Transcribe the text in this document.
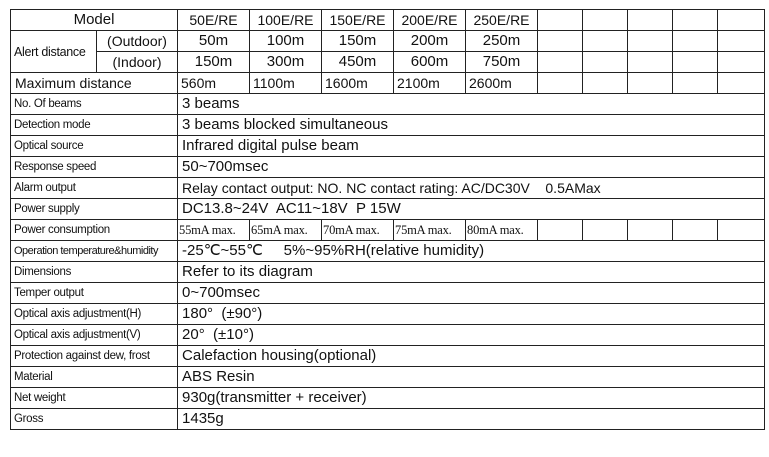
Model		50E/RE	100E/RE	150E/RE	200E/RE	250E/RE					
Alert distance	(Outdoor)	50m	100m	150m	200m	250m					
	(Indoor)	150m	300m	450m	600m	750m					
Maximum distance		560m	1100m	1600m	2100m	2600m					
No. Of beams		3 beams									
Detection mode		3 beams blocked simultaneous									
Optical source		Infrared digital pulse beam									
Response speed		50~700msec									
Alarm output		Relay contact output: NO. NC contact rating: AC/DC30V    0.5AMax									
Power supply		DC13.8~24V  AC11~18V  P 15W									
Power consumption		55mA max.	65mA max.	70mA max.	75mA max.	80mA max.					
Operation temperature&humidity		-25℃~55℃     5%~95%RH(relative humidity)									
Dimensions		Refer to its diagram									
Temper output		0~700msec									
Optical axis adjustment(H)		180°  (±90°)									
Optical axis adjustment(V)		20°  (±10°)									
Protection against dew, frost		Calefaction housing(optional)									
Material		ABS Resin									
Net weight		930g(transmitter + receiver)									
Gross		1435g									
